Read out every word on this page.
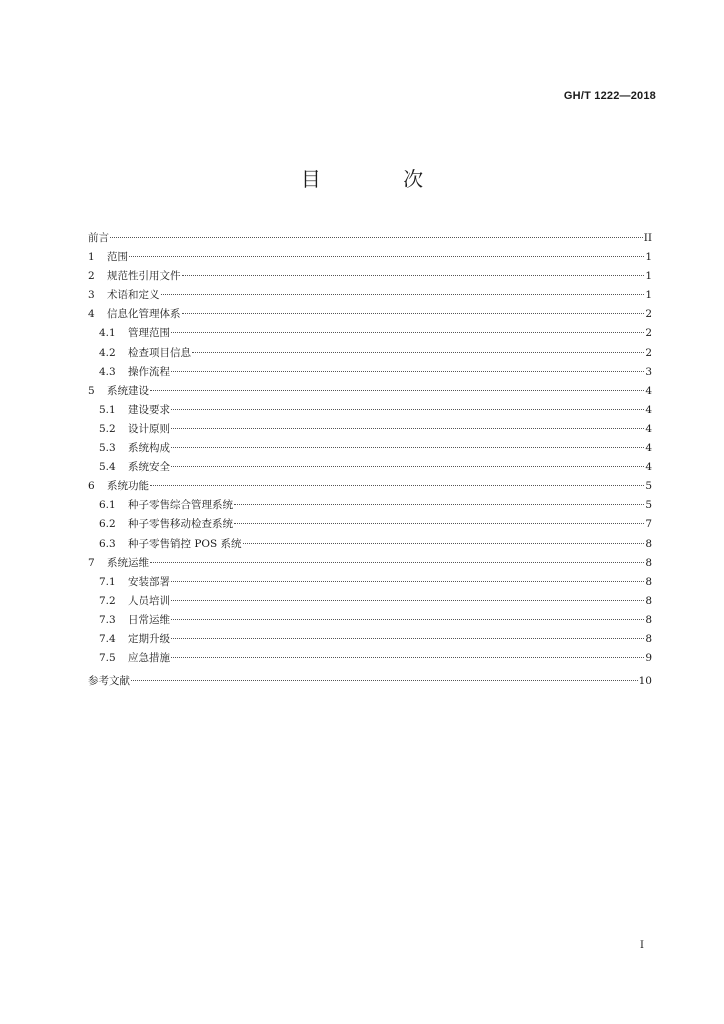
GH/T 1222—2018
目 次
前言	II
1	范围	1
2	规范性引用文件	1
3	术语和定义	1
4	信息化管理体系	2
4.1	管理范围	2
4.2	检查项目信息	2
4.3	操作流程	3
5	系统建设	4
5.1	建设要求	4
5.2	设计原则	4
5.3	系统构成	4
5.4	系统安全	4
6	系统功能	5
6.1	种子零售综合管理系统	5
6.2	种子零售移动检查系统	7
6.3	种子零售销控 POS 系统	8
7	系统运维	8
7.1	安装部署	8
7.2	人员培训	8
7.3	日常运维	8
7.4	定期升级	8
7.5	应急措施	9
参考文献	10
I
